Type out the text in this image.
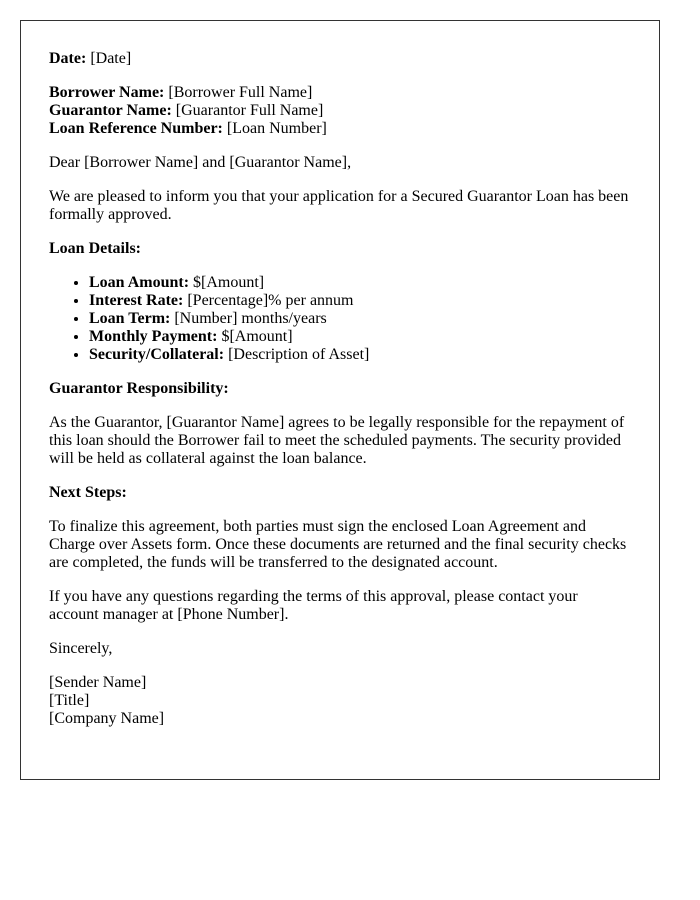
Date: [Date]

Borrower Name: [Borrower Full Name]
Guarantor Name: [Guarantor Full Name]
Loan Reference Number: [Loan Number]

Dear [Borrower Name] and [Guarantor Name],

We are pleased to inform you that your application for a Secured Guarantor Loan has been formally approved.

Loan Details:

• Loan Amount: $[Amount]
• Interest Rate: [Percentage]% per annum
• Loan Term: [Number] months/years
• Monthly Payment: $[Amount]
• Security/Collateral: [Description of Asset]

Guarantor Responsibility:

As the Guarantor, [Guarantor Name] agrees to be legally responsible for the repayment of this loan should the Borrower fail to meet the scheduled payments. The security provided will be held as collateral against the loan balance.

Next Steps:

To finalize this agreement, both parties must sign the enclosed Loan Agreement and Charge over Assets form. Once these documents are returned and the final security checks are completed, the funds will be transferred to the designated account.

If you have any questions regarding the terms of this approval, please contact your account manager at [Phone Number].

Sincerely,

[Sender Name]
[Title]
[Company Name]
